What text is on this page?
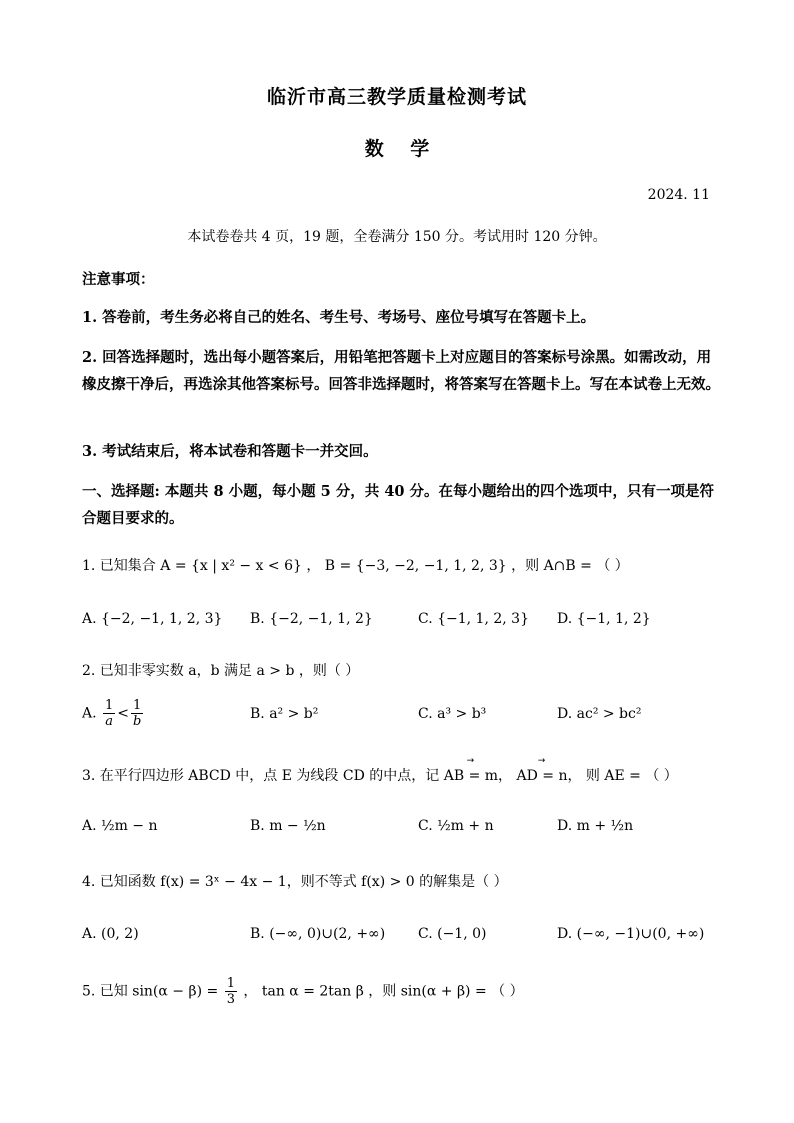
临沂市高三教学质量检测考试
数    学
2024. 11
本试卷卷共 4 页，19 题，全卷满分 150 分。考试用时 120 分钟。
注意事项：
1. 答卷前，考生务必将自己的姓名、考生号、考场号、座位号填写在答题卡上。
2. 回答选择题时，选出每小题答案后，用铅笔把答题卡上对应题目的答案标号涂黑。如需改动，用橡皮擦干净后，再选涂其他答案标号。回答非选择题时，将答案写在答题卡上。写在本试卷上无效。
3. 考试结束后，将本试卷和答题卡一并交回。
一、选择题: 本题共 8 小题，每小题 5 分，共 40 分。在每小题给出的四个选项中，只有一项是符合题目要求的。
1. 已知集合 A = {x | x² − x < 6} ， B = {−3, −2, −1, 1, 2, 3} ，则 A∩B = （ ）
A. {−2, −1, 1, 2, 3} B. {−2, −1, 1, 2}	C. {−1, 1, 2, 3} D. {−1, 1, 2}
2. 已知非零实数 a，b 满足 a > b ，则（ ）
A. $\frac{1}{a} < \frac{1}{b}$	B. a² > b²	C. a³ > b³	D. ac² > bc²
3. 在平行四边形 ABCD 中，点 E 为线段 CD 的中点，记
→
AB = m，
→
AD = n， 则 AE = （ ）
A. ½m − n	B. m − ½n	C. ½m + n	D. m + ½n
4. 已知函数 f(x) = 3ˣ − 4x − 1，则不等式 f(x) > 0 的解集是（ ）
A. (0, 2)	B. (−∞, 0)∪(2, +∞) C. (−1, 0)	D. (−∞, −1)∪(0, +∞)
5. 已知 $\sin(\alpha - \beta) = \frac{1}{3}$ ， tan α = 2tan β ，则 sin(α + β) = （ ）
